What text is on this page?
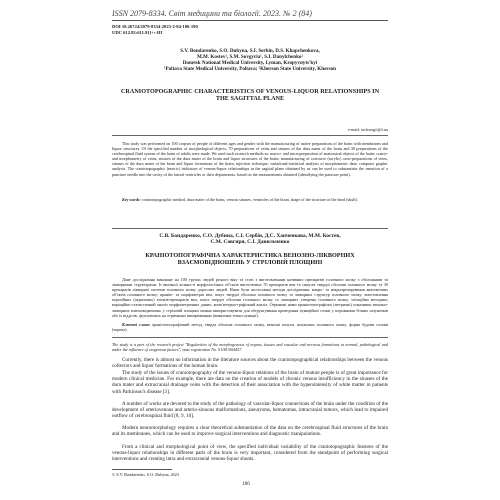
ISSN 2079-8334. Світ медицини та біології. 2023. № 2 (84)
DOI 10.26724/2079-8334-2023-2-84-186-190
UDC 612.82:611.91]+:-III
S.V. Bondarenko, S.O. Dubyna, S.I. Serbin, D.S. Khapchenkova,
M.M. Kostev¹, S.M. Sovgyria¹, S.I. Danylchenko²
Donetsk National Medical University, Lyman, Kropyvnyts'kyi
¹Poltava State Medical University, Poltava; ²Kherson State University, Kherson
CRANIOTOPOGRAPHIC CHARACTERISTICS OF VENOUS-LIQUOR RELATIONSHIPS IN THE SAGITTAL PLANE
e-mail: tachsergii@i.ua
This study was performed on 100 corpses of people of different ages and gender with the manufacturing of native preparations of the brain with membranes and liquor structures. Of the specified number of morphological objects, 70 preparations of veins and sinuses of the dura mater of the brain and 30 preparations of the cerebrospinal fluid system of the brain of adults were made. We used such research methods as: macro- and micropreparation of anatomical objects of the brain; cranio- and morphometry of veins, sinuses of the dura mater of the brain and liquor structures of the brain; manufacturing of corrosive (acrylic) casts-preparations of veins, sinuses of the dura mater of the brain and liquor formations of the brain; injection technique; variational-statistical analysis of morphometric data; computer graphic analysis. The craniotopographic (metric) indicators of venous-liquor relationships in the sagittal plane obtained by us can be used to substantiate the insertion of a puncture needle into the cavity of the lateral ventricles or their departments, based on the measurements obtained (identifying the puncture point).
Key words: craniotopographic method, dura mater of the brain, venous sinuses, ventricles of the brain, shape of the structure of the head (skull).
С.В. Бондаренко, С.О. Дубина, С.І. Сербін, Д.С. Хапченкова, М.М. Костев,
С.М. Совгиря, С.І. Данильченко
КРАНІОТОПОГРАФІЧНА ХАРАКТЕРИСТИКА ВЕНОЗНО-ЛІКВОРНИХ ВЗАЄМОВІДНОШЕНЬ У СТРІЛОВІЙ ПЛОЩИНІ
Дане дослідження виконане на 100 трупах людей різного віку та статі з виготовленням нативних препаратів головного мозку з оболонками та лікворними структурами. Із вказаної кількості морфологічних об'єктів виготовлено 70 препаратів вен та синусів твердої оболони головного мозку та 30 препаратів лікворної системи головного мозку дорослих людей. Нами були застосовані методи дослідження: макро- та мікропрепарування анатомічних об'єктів головного мозку; кранію- та морфометрія вен, пазух твердої оболони головного мозку та лікворних структур головного мозку; виготовлення корозійних (акрилових) зліпків-препаратів вен, пазух твердої оболони головного мозку та лікворних утворень головного мозку; ін'єкційна методика; варіаційно-статистичний аналіз морфометричних даних; комп'ютерно-графічний аналіз. Отримані нами краніотопографічні (метричні) показники венозно-лікворних взаємовідношень у стріловій площині можна використовувати для обґрунтування проведення пункційної голки у порожнини бічних шлуночків або їх відділів, ґрунтуючись на отриманих вимірюваннях (виявленні точки пункції).
Ключові слова: краніотопографічний метод, тверда оболона головного мозку, венозні пазухи, шлуночки головного мозку, форма будови голови (черепа).
The study is a part of the research project "Regularities of the morphogenesis of organs, tissues and vascular and nervous formations in normal, pathological and under the influence of exogenous factors", state registration No. 0118U004457.
Currently, there is almost no information in the literature sources about the craniotopographical relationships between the venous collectors and liquor formations of the human brain.
The study of the issues of craniotopography of the venous-liquor relations of the brain of mature people is of great importance for modern clinical medicine. For example, there are data on the creation of models of chronic venous insufficiency in the sinuses of the dura mater and extracranial drainage veins with the detection of their association with the hypersintensity of white matter in patients with Parkinson's disease [3].
A number of works are devoted to the study of the pathology of vascular-liquor connections of the brain under the condition of the development of arteriovenous and arterio-sinuous malformations, aneurysms, hematomas, intracranial tumors, which lead to impaired outflow of cerebrospinal fluid [8, 9, 10].
Modern neuromorphology requires a clear theoretical substantiation of the data on the cerebrospinal fluid structures of the brain and its membranes, which can be used to improve surgical interventions and diagnostic manipulations.
From a clinical and morphological point of view, the specified individual variability of the craniotopographic features of the venous-liquor relationships in different parts of the brain is very important, considered from the standpoint of performing surgical interventions and creating intra and extracranial venous-liquor shunts.
© S.V. Bondarenko, S.O. Dubyna, 2023
186
